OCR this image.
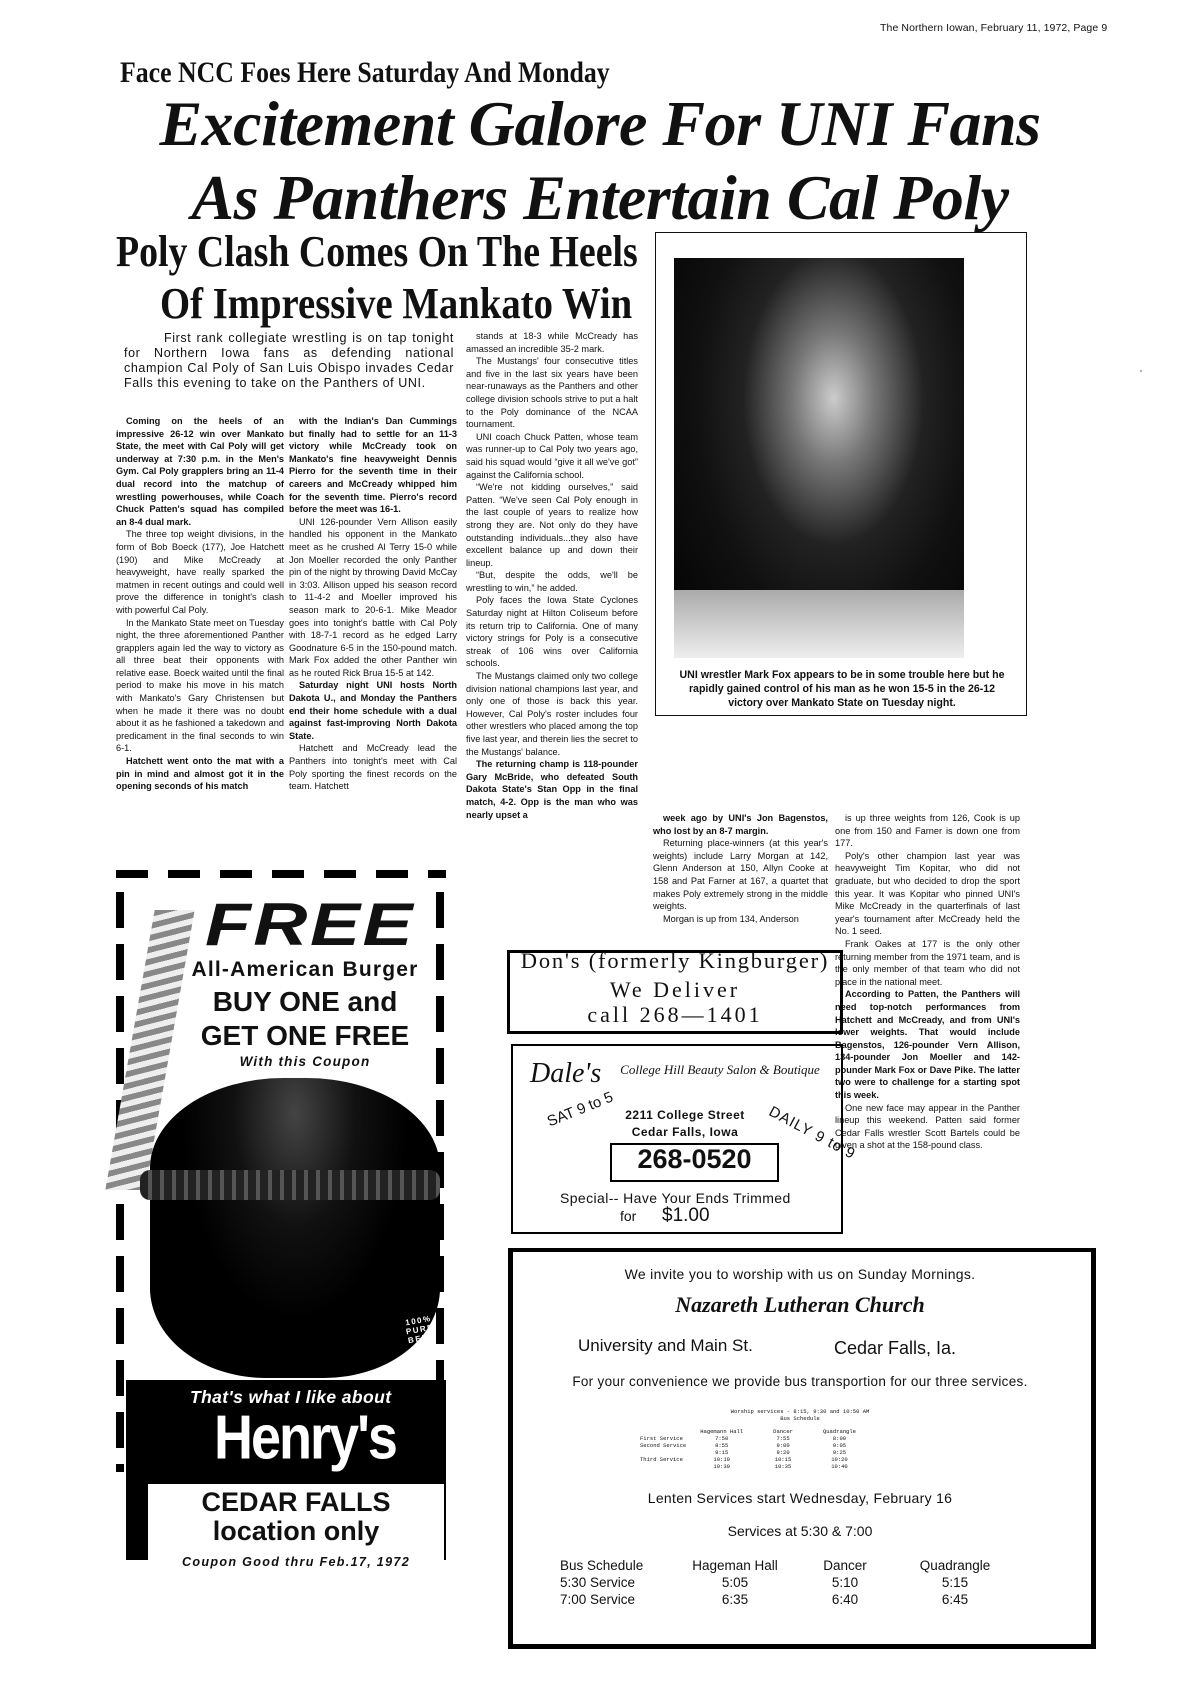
The Northern Iowan, February 11, 1972, Page 9
Face NCC Foes Here Saturday And Monday
Excitement Galore For UNI Fans
As Panthers Entertain Cal Poly
Poly Clash Comes On The Heels
Of Impressive Mankato Win
First rank collegiate wrestling is on tap tonight for Northern Iowa fans as defending national champion Cal Poly of San Luis Obispo invades Cedar Falls this evening to take on the Panthers of UNI.

Coming on the heels of an impressive 26-12 win over Mankato State, the meet with Cal Poly will get underway at 7:30 p.m. in the Men's Gym. Cal Poly grapplers bring an 11-4 dual record into the matchup of wrestling powerhouses, while Coach Chuck Patten's squad has compiled an 8-4 dual mark.

The three top weight divisions, in the form of Bob Boeck (177), Joe Hatchett (190) and Mike McCready at heavyweight, have really sparked the matmen in recent outings and could well prove the difference in tonight's clash with powerful Cal Poly.

In the Mankato State meet on Tuesday night, the three aforementioned Panther grapplers again led the way to victory as all three beat their opponents with relative ease. Boeck waited until the final period to make his move in his match with Mankato's Gary Christensen but when he made it there was no doubt about it as he fashioned a takedown and predicament in the final seconds to win 6-1.

Hatchett went onto the mat with a pin in mind and almost got it in the opening seconds of his match

with the Indian's Dan Cummings but finally had to settle for an 11-3 victory while McCready took on Mankato's fine heavyweight Dennis Pierro for the seventh time in their careers and McCready whipped him for the seventh time. Pierro's record before the meet was 16-1.

UNI 126-pounder Vern Allison easily handled his opponent in the Mankato meet as he crushed Al Terry 15-0 while Jon Moeller recorded the only Panther pin of the night by throwing David McCay in 3:03. Allison upped his season record to 11-4-2 and Moeller improved his season mark to 20-6-1. Mike Meador goes into tonight's battle with Cal Poly with 18-7-1 record as he edged Larry Goodnature 6-5 in the 150-pound match. Mark Fox added the other Panther win as he routed Rick Brua 15-5 at 142.

Saturday night UNI hosts North Dakota U., and Monday the Panthers end their home schedule with a dual against fast-improving North Dakota State.

Hatchett and McCready lead the Panthers into tonight's meet with Cal Poly sporting the finest records on the team. Hatchett

stands at 18-3 while McCready has amassed an incredible 35-2 mark.

The Mustangs' four consecutive titles and five in the last six years have been near-runaways as the Panthers and other college division schools strive to put a halt to the Poly dominance of the NCAA tournament.

UNI coach Chuck Patten, whose team was runner-up to Cal Poly two years ago, said his squad would “give it all we've got” against the California school.

“We're not kidding ourselves,” said Patten. “We've seen Cal Poly enough in the last couple of years to realize how strong they are. Not only do they have outstanding individuals...they also have excellent balance up and down their lineup.

“But, despite the odds, we'll be wrestling to win,” he added.

Poly faces the Iowa State Cyclones Saturday night at Hilton Coliseum before its return trip to California. One of many victory strings for Poly is a consecutive streak of 106 wins over California schools.

The Mustangs claimed only two college division national champions last year, and only one of those is back this year. However, Cal Poly's roster includes four other wrestlers who placed among the top five last year, and therein lies the secret to the Mustangs' balance.

The returning champ is 118-pounder Gary McBride, who defeated South Dakota State's Stan Opp in the final match, 4-2. Opp is the man who was nearly upset a	week ago by UNI's Jon Bagenstos, who lost by an 8-7 margin.

Returning place-winners (at this year's weights) include Larry Morgan at 142, Glenn Anderson at 150, Allyn Cooke at 158 and Pat Farner at 167, a quartet that makes Poly extremely strong in the middle weights.

Morgan is up from 134, Anderson

is up three weights from 126, Cook is up one from 150 and Farner is down one from 177.

Poly's other champion last year was heavyweight Tim Kopitar, who did not graduate, but who decided to drop the sport this year. It was Kopitar who pinned UNI's Mike McCready in the quarterfinals of last year's tournament after McCready held the No. 1 seed.

Frank Oakes at 177 is the only other returning member from the 1971 team, and is the only member of that team who did not place in the national meet.

According to Patten, the Panthers will need top-notch performances from Hatchett and McCready, and from UNI's lower weights. That would include Bagenstos, 126-pounder Vern Allison, 134-pounder Jon Moeller and 142-pounder Mark Fox or Dave Pike. The latter two were to challenge for a starting spot this week.

One new face may appear in the Panther lineup this weekend. Patten said former Cedar Falls wrestler Scott Bartels could be given a shot at the 158-pound class.

UNI wrestler Mark Fox appears to be in some trouble here but he rapidly gained control of his man as he won 15-5 in the 26-12 victory over Mankato State on Tuesday night.
FREE
All-American Burger
BUY ONE and
GET ONE FREE
With this Coupon
100% PURE BEEF
That's what I like about
Henry's
CEDAR FALLS
location only
Coupon Good thru Feb.17, 1972
Don's (formerly Kingburger)
We Deliver
call 268—1401
Dale's	College Hill Beauty Salon & Boutique
SAT 9 to 5	DAILY 9 to 9
2211 College Street
Cedar Falls, Iowa
268-0520
Special-- Have Your Ends Trimmed
for $1.00
We invite you to worship with us on Sunday Mornings.
Nazareth Lutheran Church
University and Main St.	Cedar Falls, Ia.
For your convenience we provide bus transportion for our three services.
Worship services - 8:15, 9:30 and 10:50 AM
Bus Schedule
	Hagemann Hall	Dancer	Quadrangle
First Service	7:50	7:55	8:00
Second Service	8:55	9:00	9:05
	9:15	9:20	9:25
Third Service	10:10	10:15	10:20
	10:30	10:35	10:40
Lenten Services start Wednesday, February 16
Services at 5:30 & 7:00
Bus Schedule	Hageman Hall	Dancer	Quadrangle
5:30 Service	5:05	5:10	5:15
7:00 Service	6:35	6:40	6:45
